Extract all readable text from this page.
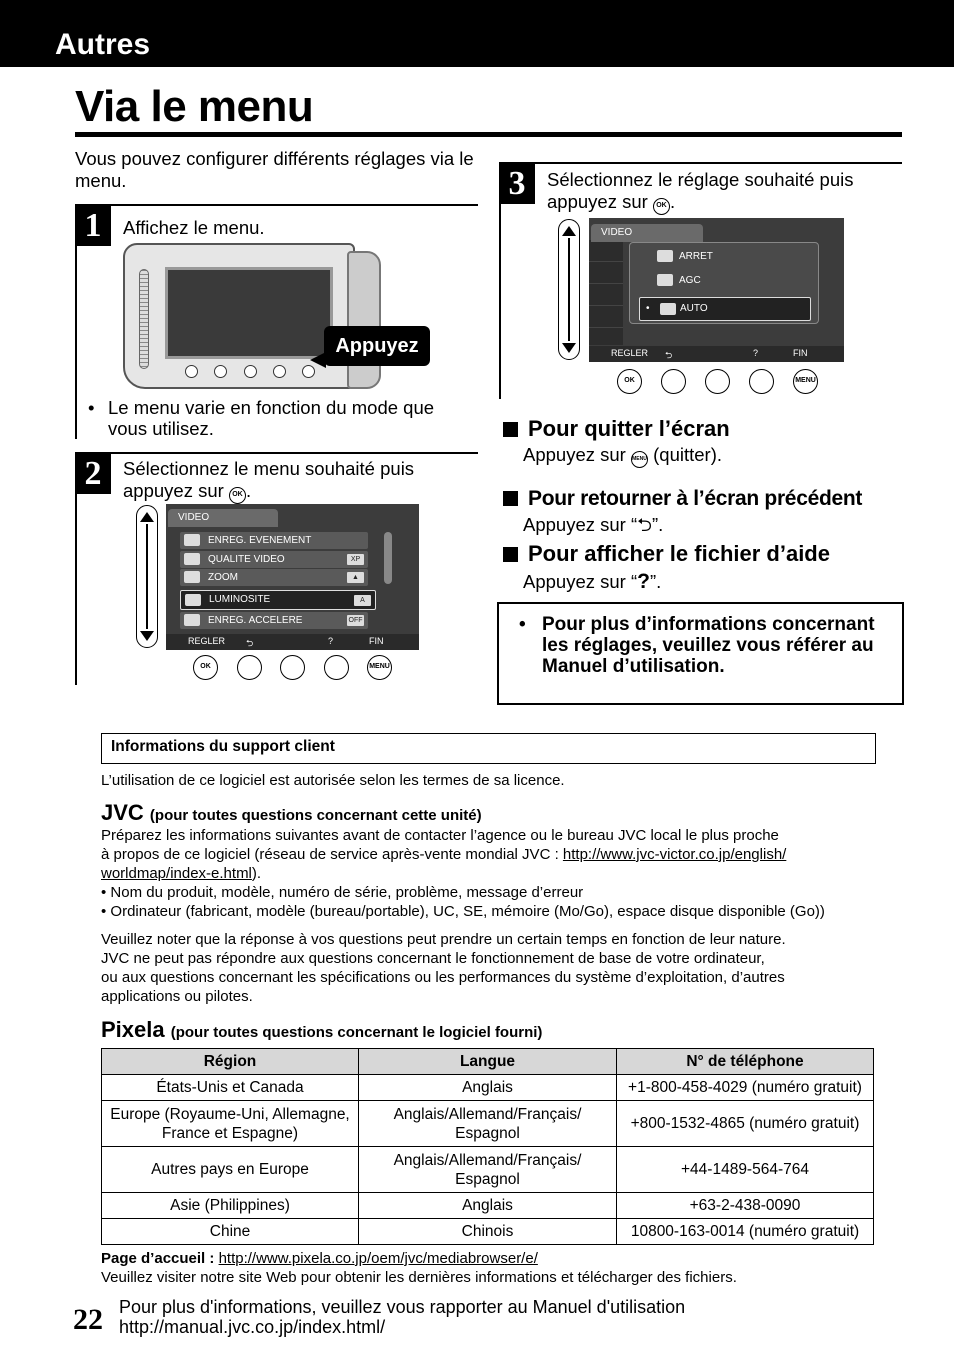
Autres
Via le menu

Vous pouvez configurer différents réglages via le menu.

1	Affichez le menu.
Appuyez
• Le menu varie en fonction du mode que vous utilisez.
2	Sélectionnez le menu souhaité puis appuyez sur OK .
VIDEO
ENREG. EVENEMENT
QUALITE VIDEO	XP
ZOOM	▲
LUMINOSITE	A
ENREG. ACCELERE	OFF
REGLER ⮌	?	FIN
OK	MENU
3	Sélectionnez le réglage souhaité puis appuyez sur OK .
VIDEO
ARRET
AGC
•	AUTO
REGLER ⮌	?	FIN
OK	MENU
Pour quitter l’écran
Appuyez sur MENU (quitter).
Pour retourner à l’écran précédent
Appuyez sur “⮌”.
Pour afficher le fichier d’aide
Appuyez sur “?”.
• Pour plus d’informations concernant les réglages, veuillez vous référer au Manuel d’utilisation.
Informations du support client
L’utilisation de ce logiciel est autorisée selon les termes de sa licence.
JVC (pour toutes questions concernant cette unité)
Préparez les informations suivantes avant de contacter l’agence ou le bureau JVC local le plus proche
à propos de ce logiciel (réseau de service après-vente mondial JVC : http://www.jvc-victor.co.jp/english/
worldmap/index-e.html).
• Nom du produit, modèle, numéro de série, problème, message d’erreur
• Ordinateur (fabricant, modèle (bureau/portable), UC, SE, mémoire (Mo/Go), espace disque disponible (Go))
Veuillez noter que la réponse à vos questions peut prendre un certain temps en fonction de leur nature.
JVC ne peut pas répondre aux questions concernant le fonctionnement de base de votre ordinateur,
ou aux questions concernant les spécifications ou les performances du système d’exploitation, d’autres
applications ou pilotes.
Pixela (pour toutes questions concernant le logiciel fourni)
Région	Langue	N° de téléphone
États-Unis et Canada	Anglais	+1-800-458-4029 (numéro gratuit)
Europe (Royaume-Uni, Allemagne, France et Espagne)	Anglais/Allemand/Français/ Espagnol	+800-1532-4865 (numéro gratuit)
Autres pays en Europe	Anglais/Allemand/Français/ Espagnol	+44-1489-564-764
Asie (Philippines)	Anglais	+63-2-438-0090
Chine	Chinois	10800-163-0014 (numéro gratuit)
Page d’accueil : http://www.pixela.co.jp/oem/jvc/mediabrowser/e/
Veuillez visiter notre site Web pour obtenir les dernières informations et télécharger des fichiers.
22 Pour plus d'informations, veuillez vous rapporter au Manuel d'utilisation
http://manual.jvc.co.jp/index.html/
